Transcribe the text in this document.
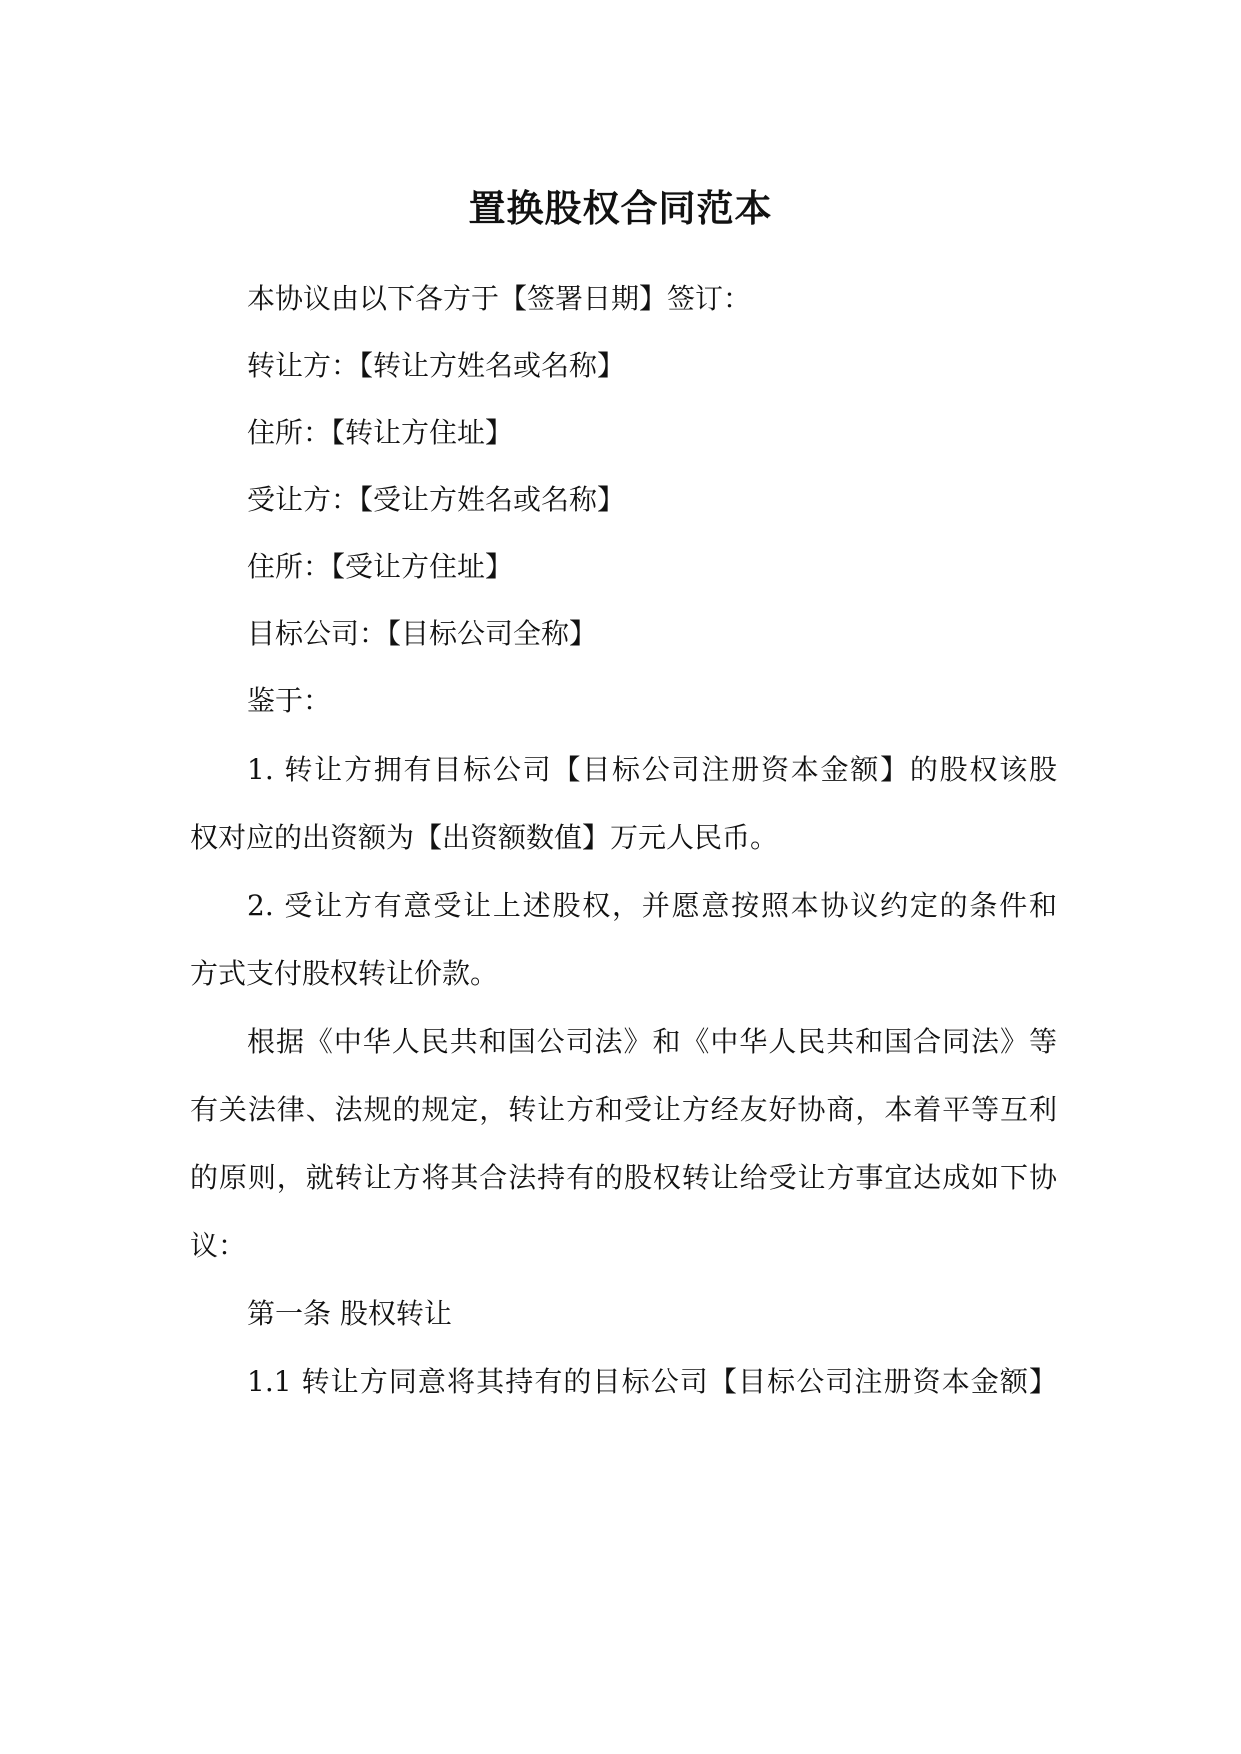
置换股权合同范本

本协议由以下各方于【签署日期】签订：

转让方：【转让方姓名或名称】

住所：【转让方住址】

受让方：【受让方姓名或名称】

住所：【受让方住址】

目标公司：【目标公司全称】

鉴于：

1. 转让方拥有目标公司【目标公司注册资本金额】的股权该股

权对应的出资额为【出资额数值】万元人民币。

2. 受让方有意受让上述股权，并愿意按照本协议约定的条件和

方式支付股权转让价款。

根据《中华人民共和国公司法》和《中华人民共和国合同法》等

有关法律、法规的规定，转让方和受让方经友好协商，本着平等互利

的原则，就转让方将其合法持有的股权转让给受让方事宜达成如下协

议：

第一条 股权转让

1.1 转让方同意将其持有的目标公司【目标公司注册资本金额】
